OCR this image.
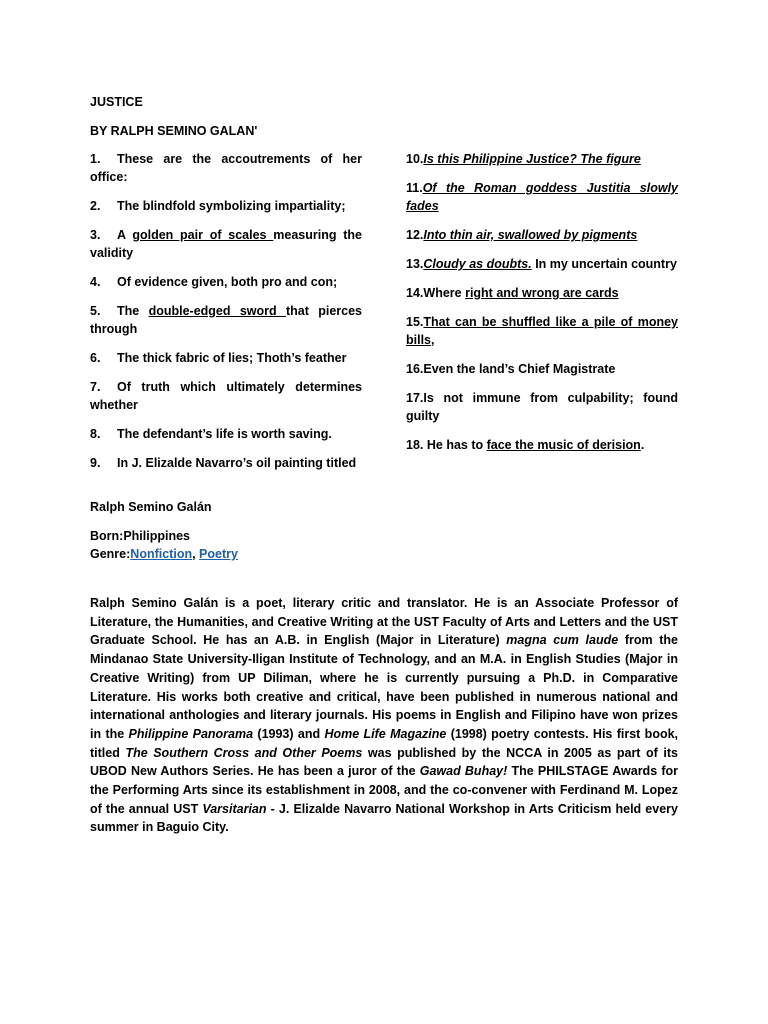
JUSTICE
BY RALPH SEMINO GALAN'
1. These are the accoutrements of her office:
2. The blindfold symbolizing impartiality;
3. A golden pair of scales measuring the validity
4. Of evidence given, both pro and con;
5. The double-edged sword that pierces through
6. The thick fabric of lies; Thoth’s feather
7. Of truth which ultimately determines whether
8. The defendant’s life is worth saving.
9. In J. Elizalde Navarro’s oil painting titled
10.Is this Philippine Justice? The figure
11.Of the Roman goddess Justitia slowly fades
12.Into thin air, swallowed by pigments
13.Cloudy as doubts. In my uncertain country
14.Where right and wrong are cards
15.That can be shuffled like a pile of money bills,
16.Even the land’s Chief Magistrate
17.Is not immune from culpability; found guilty
18. He has to face the music of derision.
Ralph Semino Galán
Born:Philippines
Genre:Nonfiction, Poetry
Ralph Semino Galán is a poet, literary critic and translator. He is an Associate Professor of Literature, the Humanities, and Creative Writing at the UST Faculty of Arts and Letters and the UST Graduate School. He has an A.B. in English (Major in Literature) magna cum laude from the Mindanao State University-Iligan Institute of Technology, and an M.A. in English Studies (Major in Creative Writing) from UP Diliman, where he is currently pursuing a Ph.D. in Comparative Literature. His works both creative and critical, have been published in numerous national and international anthologies and literary journals. His poems in English and Filipino have won prizes in the Philippine Panorama (1993) and Home Life Magazine (1998) poetry contests. His first book, titled The Southern Cross and Other Poems was published by the NCCA in 2005 as part of its UBOD New Authors Series. He has been a juror of the Gawad Buhay! The PHILSTAGE Awards for the Performing Arts since its establishment in 2008, and the co-convener with Ferdinand M. Lopez of the annual UST Varsitarian - J. Elizalde Navarro National Workshop in Arts Criticism held every summer in Baguio City.
